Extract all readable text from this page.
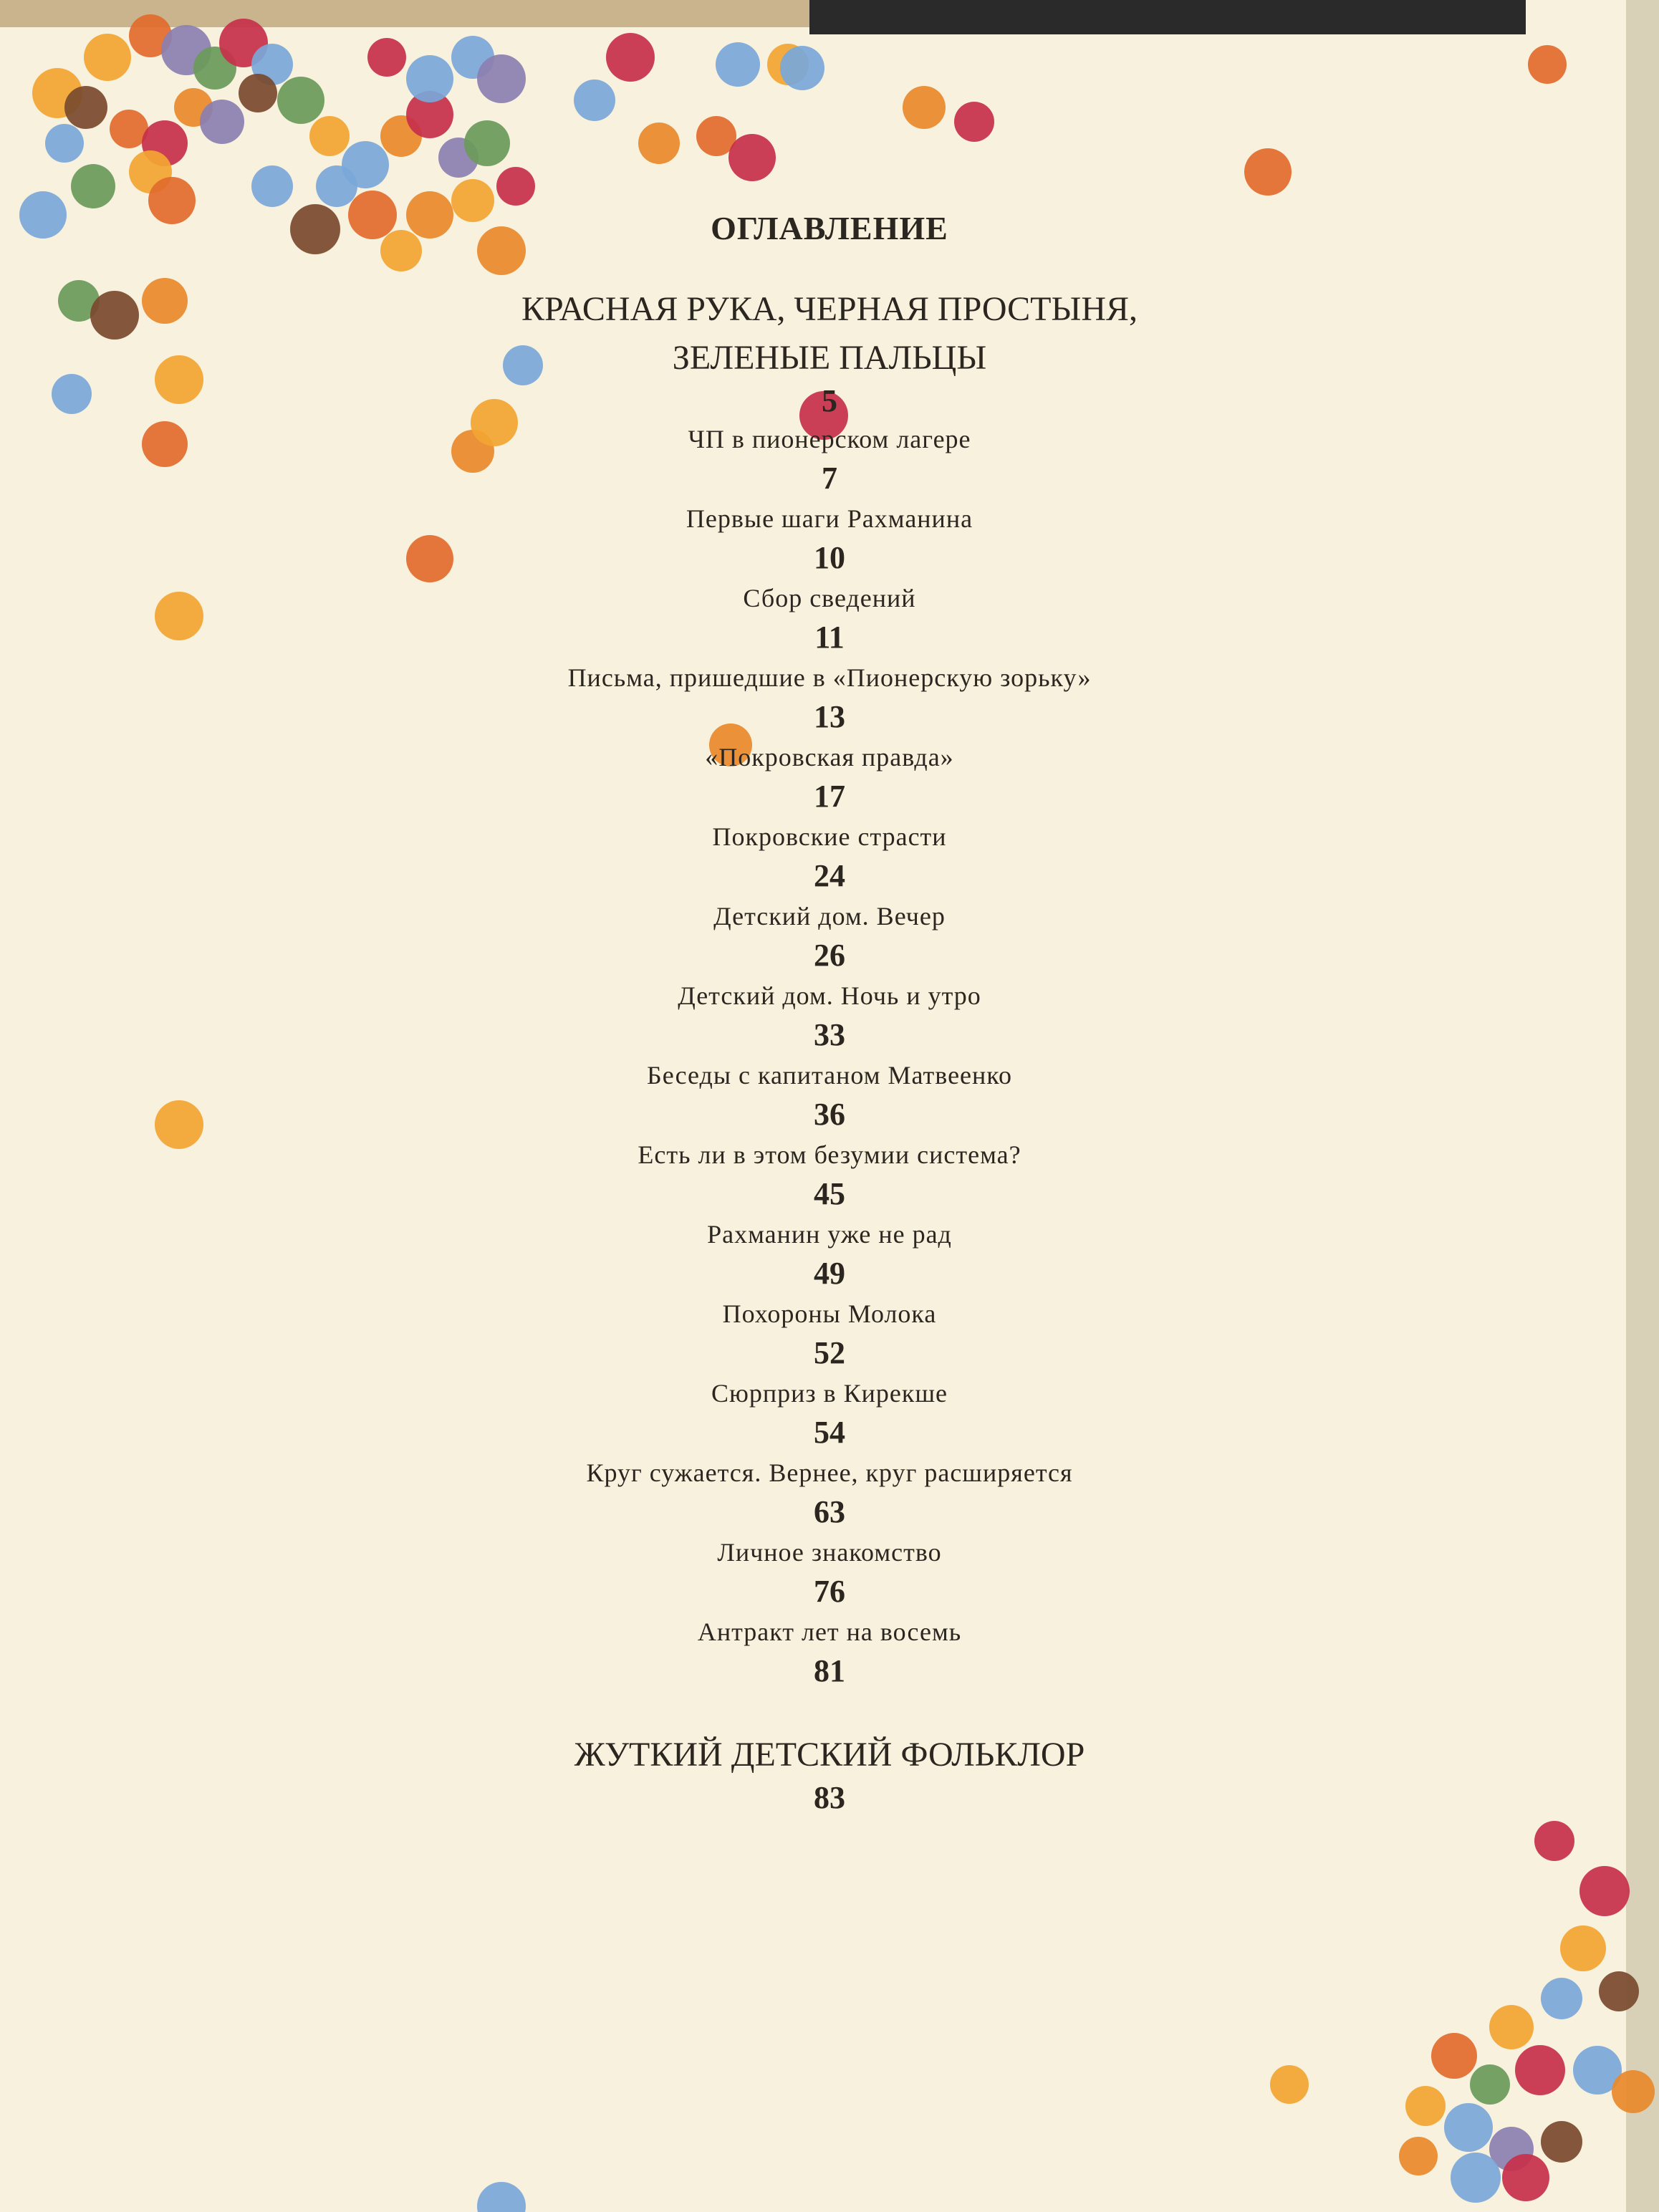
ОГЛАВЛЕНИЕ
КРАСНАЯ РУКА, ЧЕРНАЯ ПРОСТЫНЯ,
ЗЕЛЕНЫЕ ПАЛЬЦЫ
5
ЧП в пионерском лагере
7
Первые шаги Рахманина
10
Сбор сведений
11
Письма, пришедшие в «Пионерскую зорьку»
13
«Покровская правда»
17
Покровские страсти
24
Детский дом. Вечер
26
Детский дом. Ночь и утро
33
Беседы с капитаном Матвеенко
36
Есть ли в этом безумии система?
45
Рахманин уже не рад
49
Похороны Молока
52
Сюрприз в Кирекше
54
Круг сужается. Вернее, круг расширяется
63
Личное знакомство
76
Антракт лет на восемь
81
ЖУТКИЙ ДЕТСКИЙ ФОЛЬКЛОР
83
